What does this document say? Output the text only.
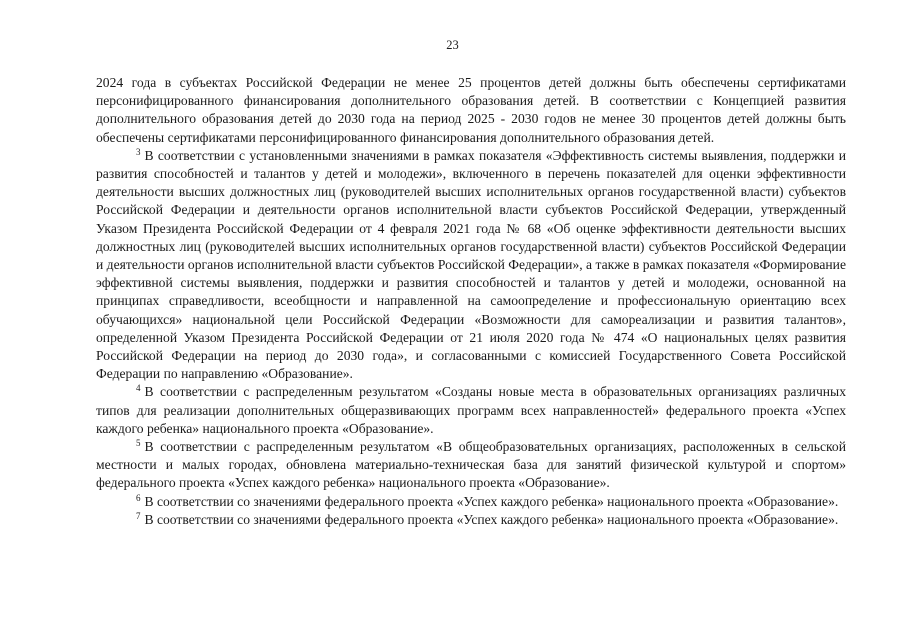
23

2024 года в субъектах Российской Федерации не менее 25 процентов детей должны быть обеспечены сертификатами персонифицированного финансирования дополнительного образования детей. В соответствии с Концепцией развития дополнительного образования детей до 2030 года на период 2025 - 2030 годов не менее 30 процентов детей должны быть обеспечены сертификатами персонифицированного финансирования дополнительного образования детей.

$^3$ В соответствии с установленными значениями в рамках показателя «Эффективность системы выявления, поддержки и развития способностей и талантов у детей и молодежи», включенного в перечень показателей для оценки эффективности деятельности высших должностных лиц (руководителей высших исполнительных органов государственной власти) субъектов Российской Федерации и деятельности органов исполнительной власти субъектов Российской Федерации, утвержденный Указом Президента Российской Федерации от 4 февраля 2021 года № 68 «Об оценке эффективности деятельности высших должностных лиц (руководителей высших исполнительных органов государственной власти) субъектов Российской Федерации и деятельности органов исполнительной власти субъектов Российской Федерации», а также в рамках показателя «Формирование эффективной системы выявления, поддержки и развития способностей и талантов у детей и молодежи, основанной на принципах справедливости, всеобщности и направленной на самоопределение и профессиональную ориентацию всех обучающихся» национальной цели Российской Федерации «Возможности для самореализации и развития талантов», определенной Указом Президента Российской Федерации от 21 июля 2020 года № 474 «О национальных целях развития Российской Федерации на период до 2030 года», и согласованными с комиссией Государственного Совета Российской Федерации по направлению «Образование».

$^4$ В соответствии с распределенным результатом «Созданы новые места в образовательных организациях различных типов для реализации дополнительных общеразвивающих программ всех направленностей» федерального проекта «Успех каждого ребенка» национального проекта «Образование».

$^5$ В соответствии с распределенным результатом «В общеобразовательных организациях, расположенных в сельской местности и малых городах, обновлена материально-техническая база для занятий физической культурой и спортом» федерального проекта «Успех каждого ребенка» национального проекта «Образование».

$^6$ В соответствии со значениями федерального проекта «Успех каждого ребенка» национального проекта «Образование».

$^7$ В соответствии со значениями федерального проекта «Успех каждого ребенка» национального проекта «Образование».
